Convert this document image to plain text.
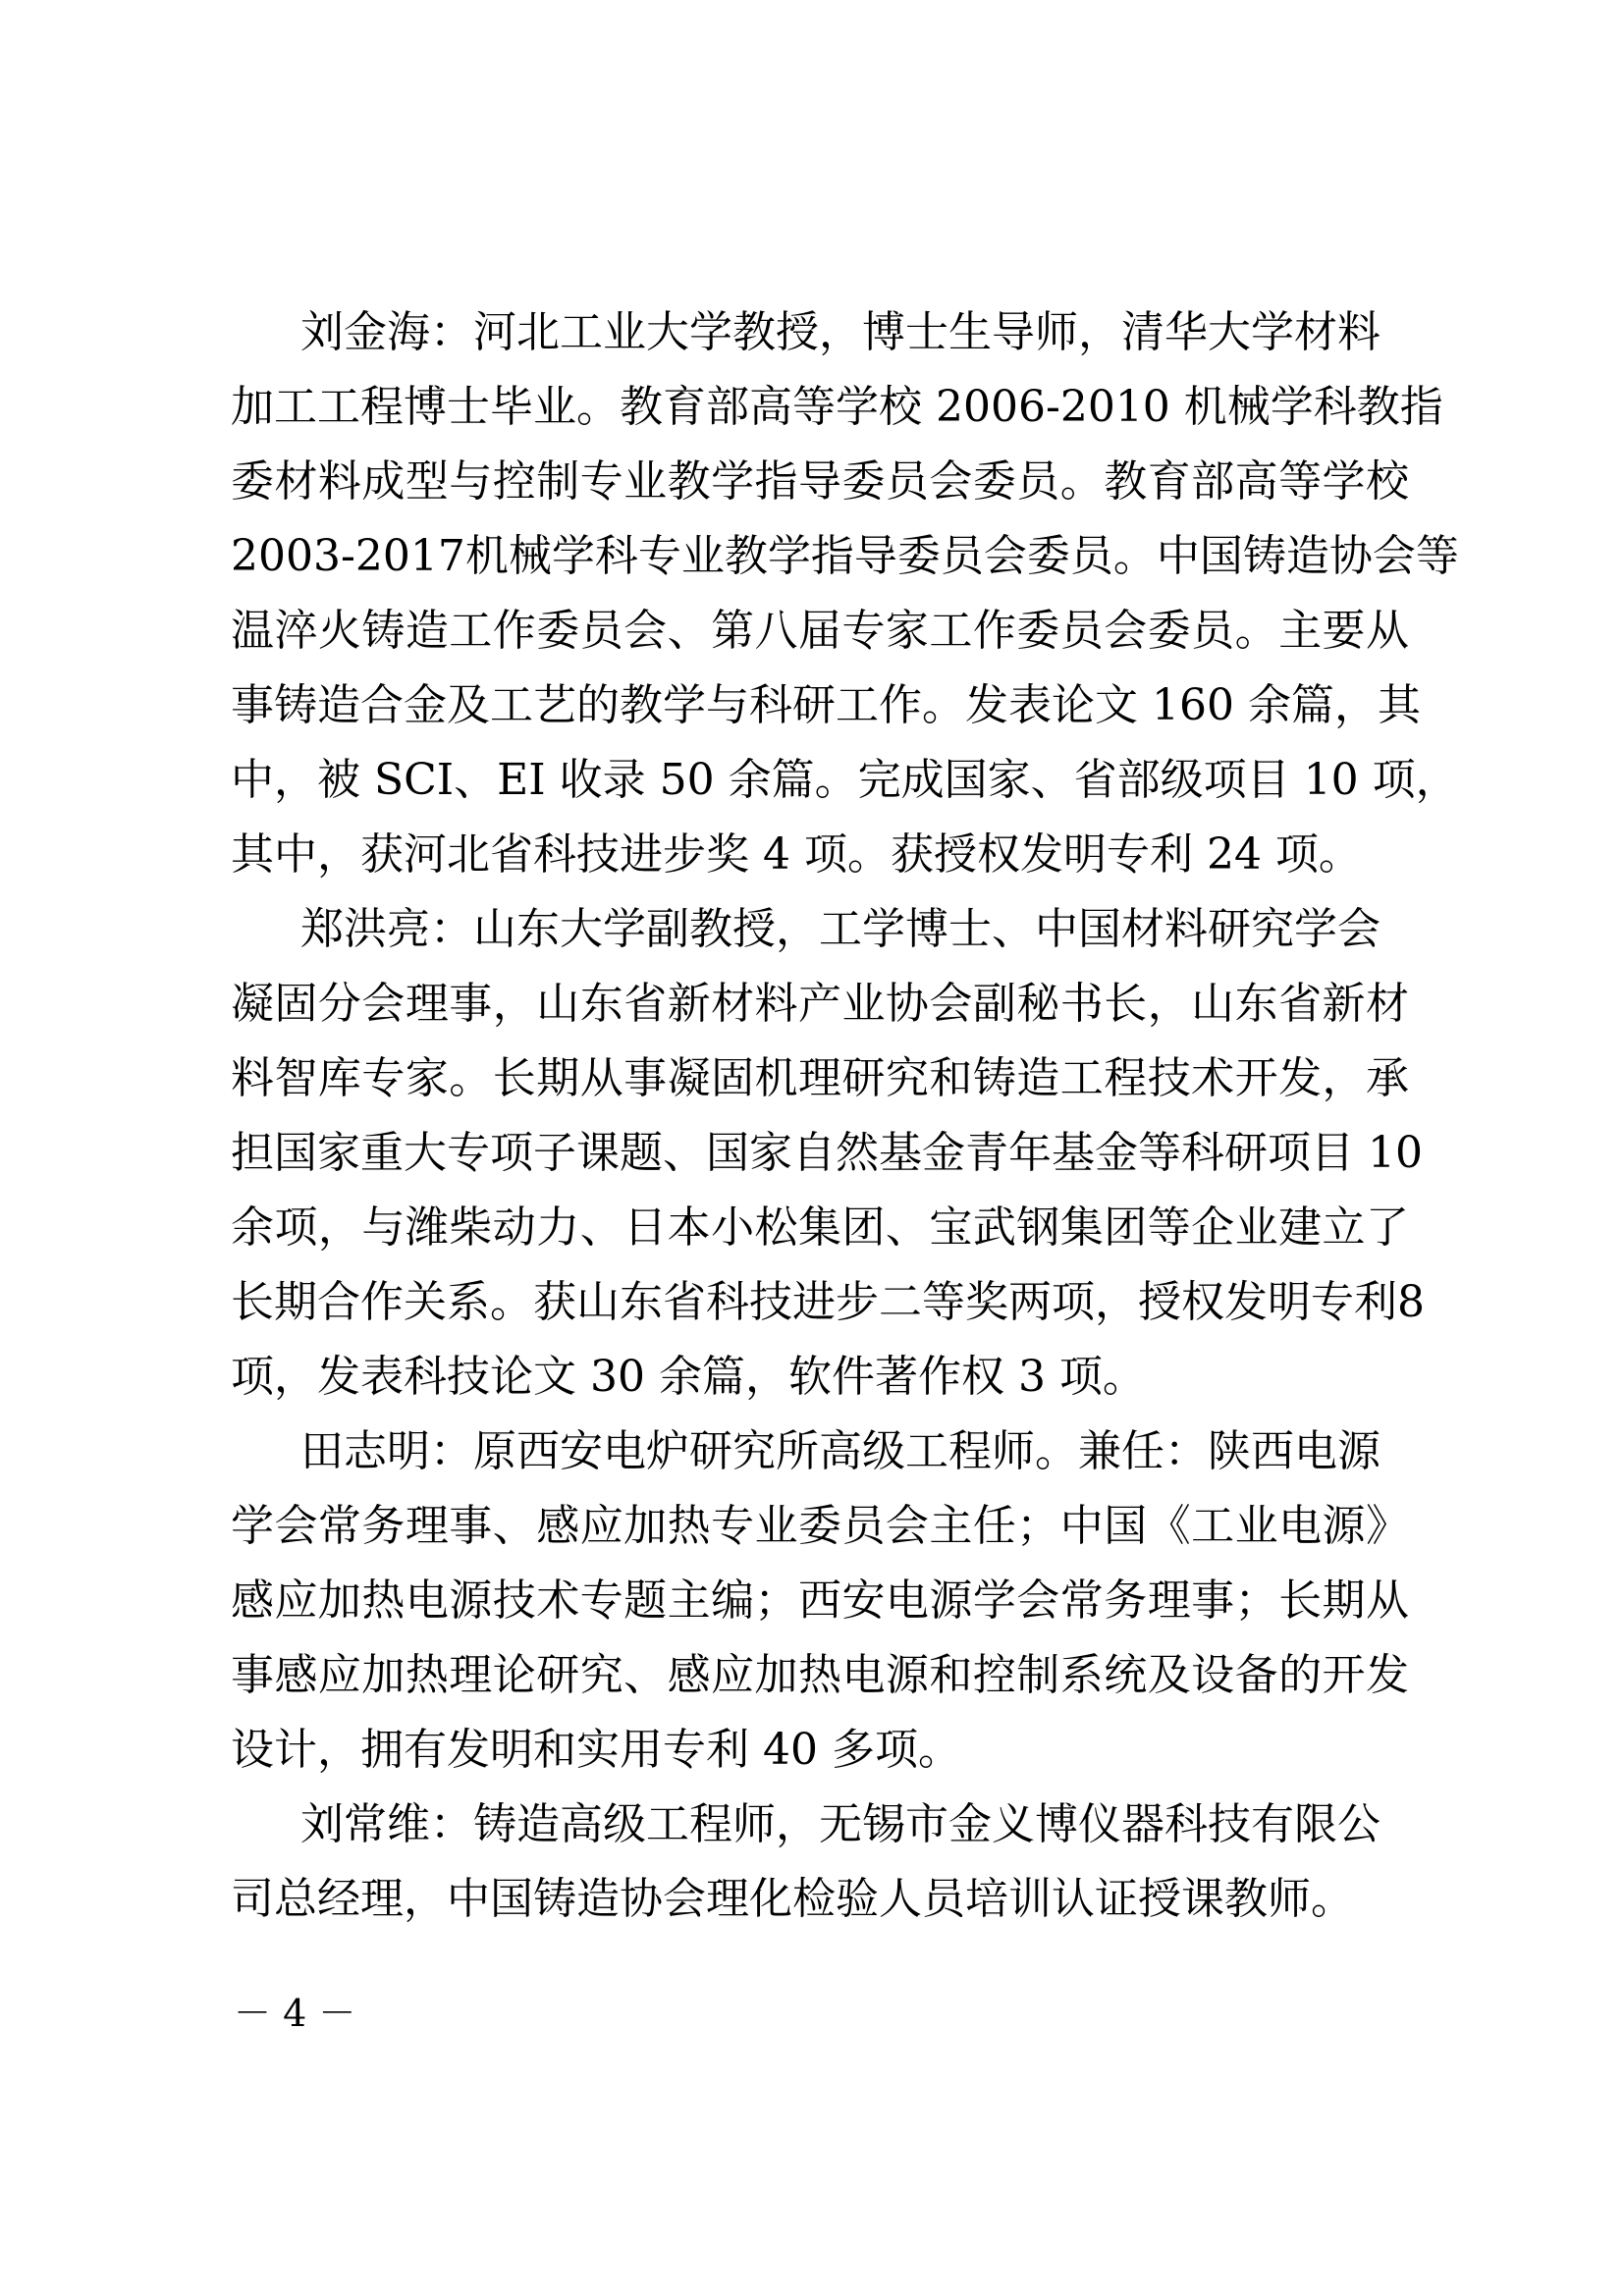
刘金海：河北工业大学教授，博士生导师，清华大学材料
加工工程博士毕业。教育部高等学校 2006-2010 机械学科教指
委材料成型与控制专业教学指导委员会委员。教育部高等学校
2003-2017机械学科专业教学指导委员会委员。中国铸造协会等
温淬火铸造工作委员会、第八届专家工作委员会委员。主要从
事铸造合金及工艺的教学与科研工作。发表论文 160 余篇，其
中，被 SCI、EI 收录 50 余篇。完成国家、省部级项目 10 项，
其中，获河北省科技进步奖 4 项。获授权发明专利 24 项。
郑洪亮：山东大学副教授，工学博士、中国材料研究学会
凝固分会理事，山东省新材料产业协会副秘书长，山东省新材
料智库专家。长期从事凝固机理研究和铸造工程技术开发，承
担国家重大专项子课题、国家自然基金青年基金等科研项目 10
余项，与潍柴动力、日本小松集团、宝武钢集团等企业建立了
长期合作关系。获山东省科技进步二等奖两项，授权发明专利8
项，发表科技论文 30 余篇，软件著作权 3 项。
田志明：原西安电炉研究所高级工程师。兼任：陕西电源
学会常务理事、感应加热专业委员会主任；中国《工业电源》
感应加热电源技术专题主编；西安电源学会常务理事；长期从
事感应加热理论研究、感应加热电源和控制系统及设备的开发
设计，拥有发明和实用专利 40 多项。
刘常维：铸造高级工程师，无锡市金义博仪器科技有限公
司总经理，中国铸造协会理化检验人员培训认证授课教师。
－ 4 －
